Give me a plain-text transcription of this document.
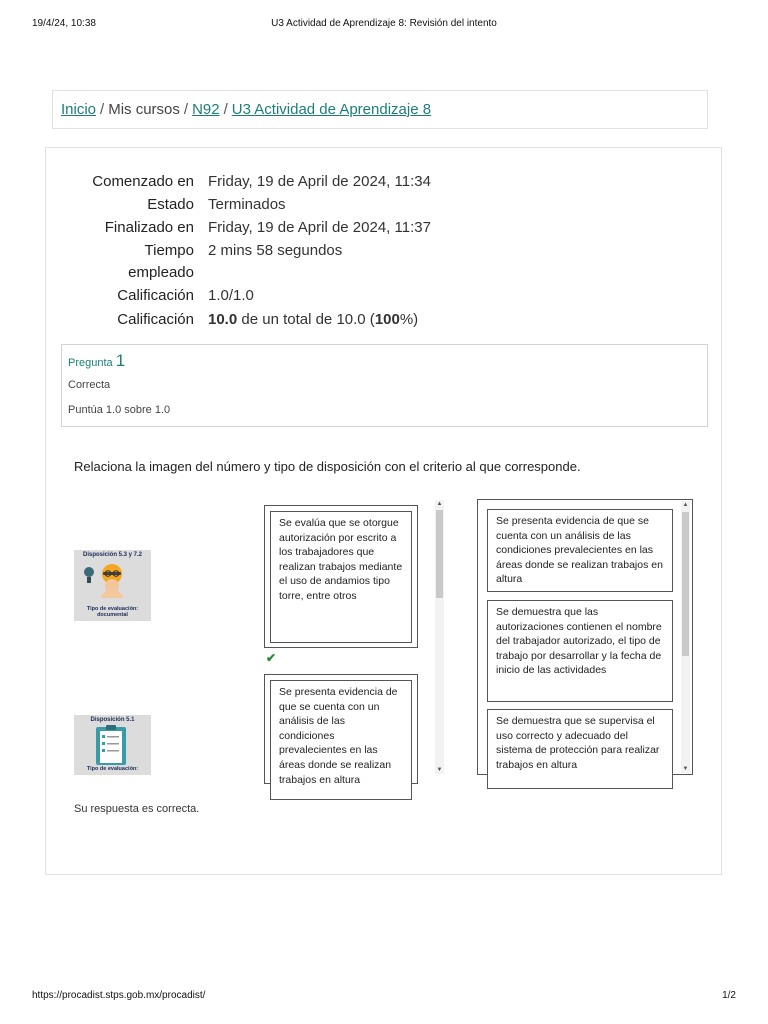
19/4/24, 10:38	U3 Actividad de Aprendizaje 8: Revisión del intento
Inicio / Mis cursos / N92 / U3 Actividad de Aprendizaje 8
Comenzado en Friday, 19 de April de 2024, 11:34
Estado Terminados
Finalizado en Friday, 19 de April de 2024, 11:37
Tiempo 2 mins 58 segundos
empleado
Calificación 1.0/1.0
Calificación 10.0 de un total de 10.0 (100%)
Pregunta 1
Correcta
Puntúa 1.0 sobre 1.0
Relaciona la imagen del número y tipo de disposición con el criterio al que corresponde.
Disposición 5.3 y 7.2
Tipo de evaluación:
documental
Disposición 5.1
Tipo de evaluación:
Se evalúa que se otorgue autorización por escrito a los trabajadores que realizan trabajos mediante el uso de andamios tipo torre, entre otros
✔
Se presenta evidencia de que se cuenta con un análisis de las condiciones prevalecientes en las áreas donde se realizan trabajos en altura
▲
▼
Se presenta evidencia de que se cuenta con un análisis de las condiciones prevalecientes en las áreas donde se realizan trabajos en altura
Se demuestra que las autorizaciones contienen el nombre del trabajador autorizado, el tipo de trabajo por desarrollar y la fecha de inicio de las actividades
Se demuestra que se supervisa el uso correcto y adecuado del sistema de protección para realizar trabajos en altura
▲
▼
Su respuesta es correcta.
https://procadist.stps.gob.mx/procadist/	1/2
